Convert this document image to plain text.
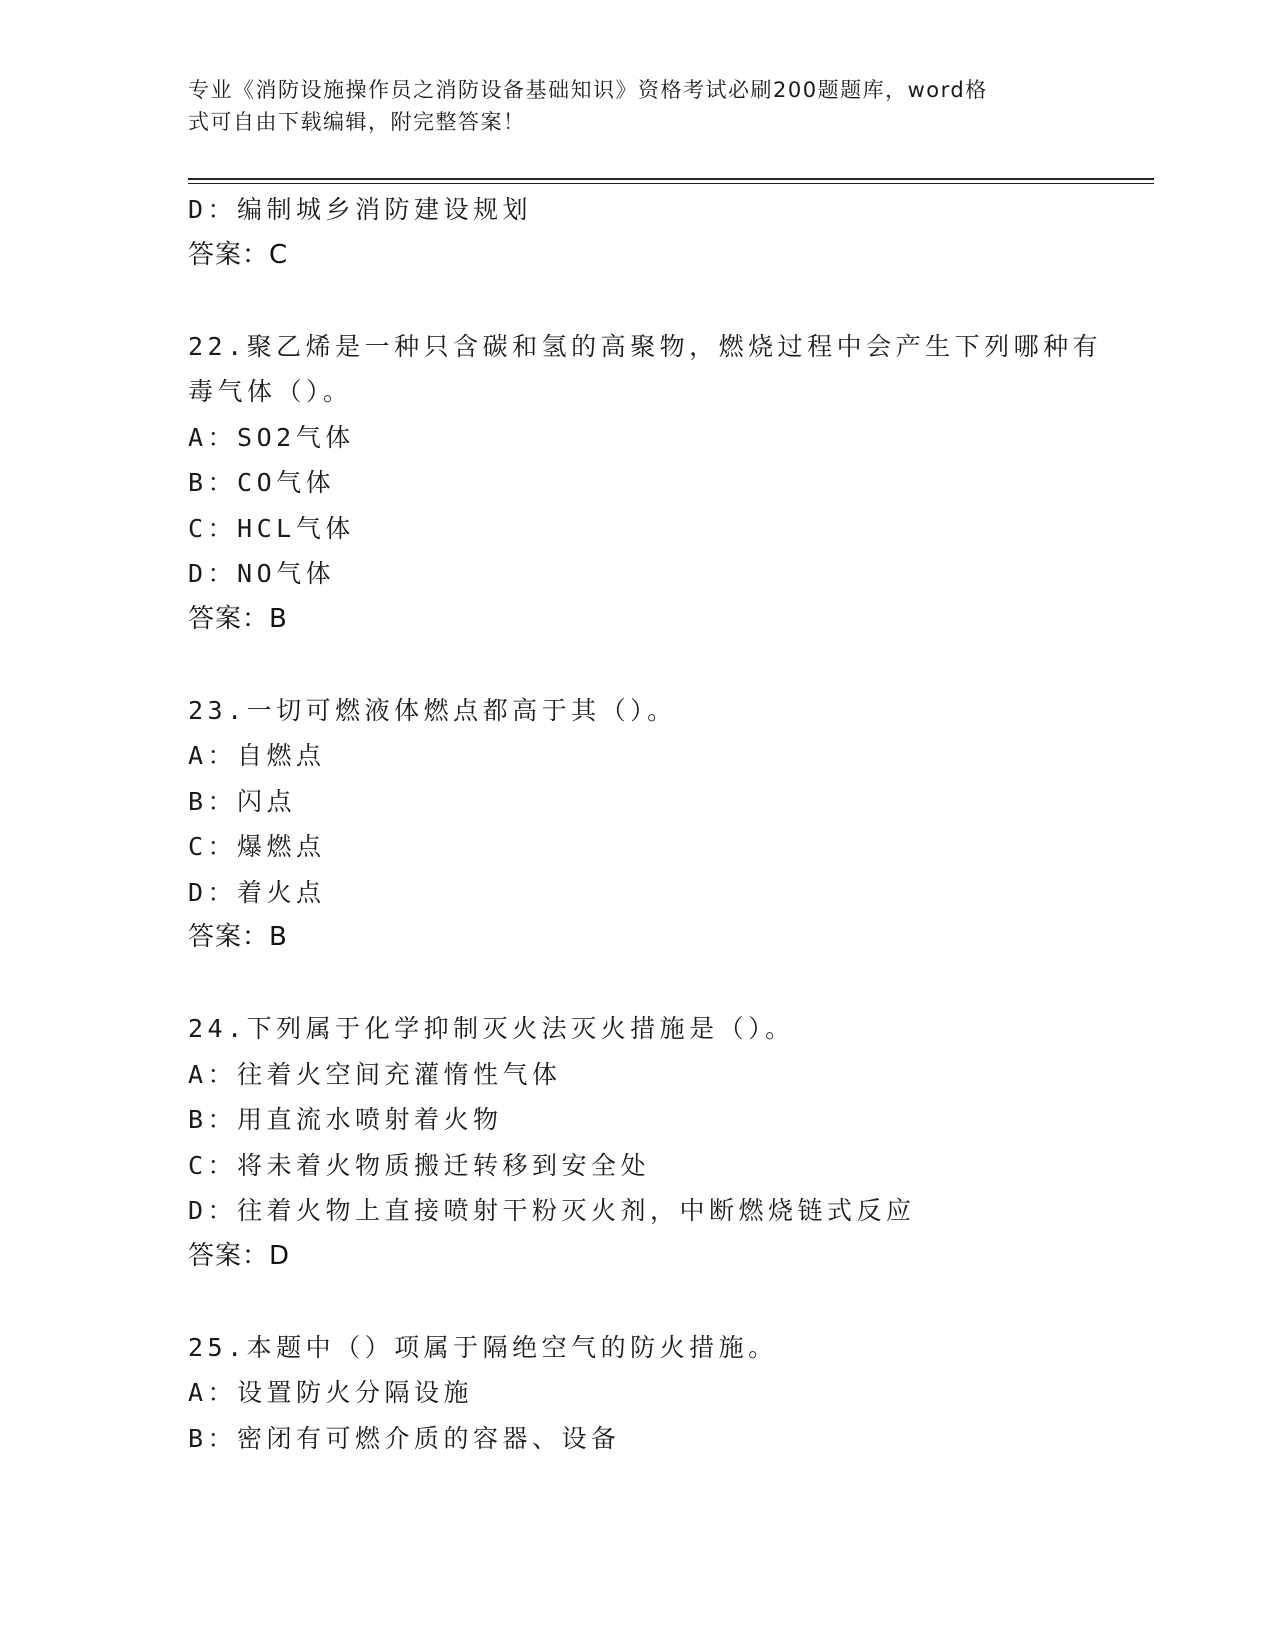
专业《消防设施操作员之消防设备基础知识》资格考试必刷200题题库，word格
式可自由下载编辑，附完整答案！
D：编制城乡消防建设规划
答案：C
22.聚乙烯是一种只含碳和氢的高聚物，燃烧过程中会产生下列哪种有
毒气体（）。
A：SO2气体
B：CO气体
C：HCL气体
D：NO气体
答案：B
23.一切可燃液体燃点都高于其（）。
A：自燃点
B：闪点
C：爆燃点
D：着火点
答案：B
24.下列属于化学抑制灭火法灭火措施是（）。
A：往着火空间充灌惰性气体
B：用直流水喷射着火物
C：将未着火物质搬迁转移到安全处
D：往着火物上直接喷射干粉灭火剂，中断燃烧链式反应
答案：D
25.本题中（）项属于隔绝空气的防火措施。
A：设置防火分隔设施
B：密闭有可燃介质的容器、设备
